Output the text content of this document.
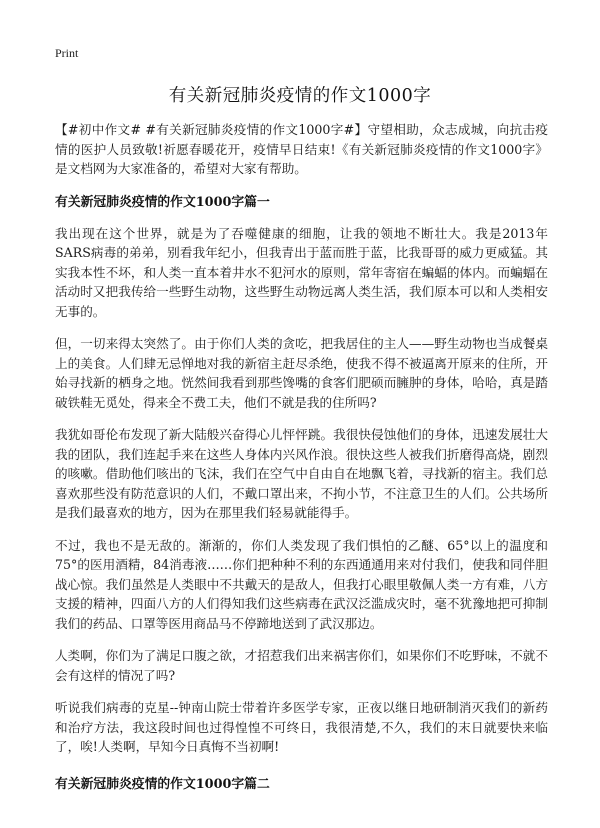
Print
有关新冠肺炎疫情的作文1000字

【#初中作文# #有关新冠肺炎疫情的作文1000字#】守望相助，众志成城，向抗击疫情的医护人员致敬!祈愿春暖花开，疫情早日结束!《有关新冠肺炎疫情的作文1000字》是文档网为大家准备的，希望对大家有帮助。

有关新冠肺炎疫情的作文1000字篇一

我出现在这个世界，就是为了吞噬健康的细胞，让我的领地不断壮大。我是2013年SARS病毒的弟弟，别看我年纪小，但我青出于蓝而胜于蓝，比我哥哥的威力更威猛。其实我本性不坏，和人类一直本着井水不犯河水的原则，常年寄宿在蝙蝠的体内。而蝙蝠在活动时又把我传给一些野生动物，这些野生动物远离人类生活，我们原本可以和人类相安无事的。

但，一切来得太突然了。由于你们人类的贪吃，把我居住的主人——野生动物也当成餐桌上的美食。人们肆无忌惮地对我的新宿主赶尽杀绝，使我不得不被逼离开原来的住所，开始寻找新的栖身之地。恍然间我看到那些馋嘴的食客们肥硕而臃肿的身体，哈哈，真是踏破铁鞋无觅处，得来全不费工夫，他们不就是我的住所吗?

我犹如哥伦布发现了新大陆般兴奋得心儿怦怦跳。我很快侵蚀他们的身体，迅速发展壮大我的团队，我们连起手来在这些人身体内兴风作浪。很快这些人被我们折磨得高烧，剧烈的咳嗽。借助他们咳出的飞沫，我们在空气中自由自在地飘飞着，寻找新的宿主。我们总喜欢那些没有防范意识的人们，不戴口罩出来，不拘小节，不注意卫生的人们。公共场所是我们最喜欢的地方，因为在那里我们轻易就能得手。

不过，我也不是无敌的。渐渐的，你们人类发现了我们惧怕的乙醚、65°以上的温度和75°的医用酒精，84消毒液……你们把种种不利的东西通通用来对付我们，使我和同伴胆战心惊。我们虽然是人类眼中不共戴天的是敌人，但我打心眼里敬佩人类一方有难，八方支援的精神，四面八方的人们得知我们这些病毒在武汉泛滥成灾时，毫不犹豫地把可抑制我们的药品、口罩等医用商品马不停蹄地送到了武汉那边。

人类啊，你们为了满足口腹之欲，才招惹我们出来祸害你们，如果你们不吃野味，不就不会有这样的情况了吗?

听说我们病毒的克星--钟南山院士带着许多医学专家，正夜以继日地研制消灭我们的新药和治疗方法，我这段时间也过得惶惶不可终日，我很清楚,不久，我们的末日就要快来临了，唉!人类啊，早知今日真悔不当初啊!

有关新冠肺炎疫情的作文1000字篇二
